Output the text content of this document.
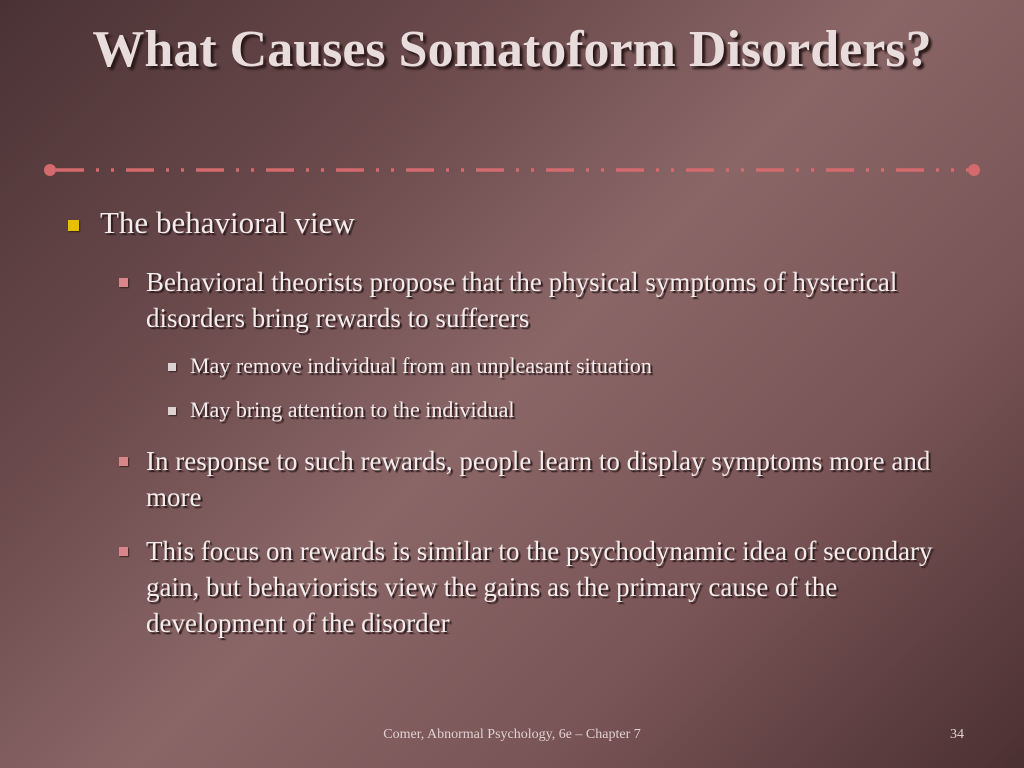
What Causes Somatoform Disorders?

The behavioral view

Behavioral theorists propose that the physical symptoms of hysterical disorders bring rewards to sufferers

May remove individual from an unpleasant situation

May bring attention to the individual

In response to such rewards, people learn to display symptoms more and more

This focus on rewards is similar to the psychodynamic idea of secondary gain, but behaviorists view the gains as the primary cause of the development of the disorder

Comer, Abnormal Psychology, 6e – Chapter 7	34
